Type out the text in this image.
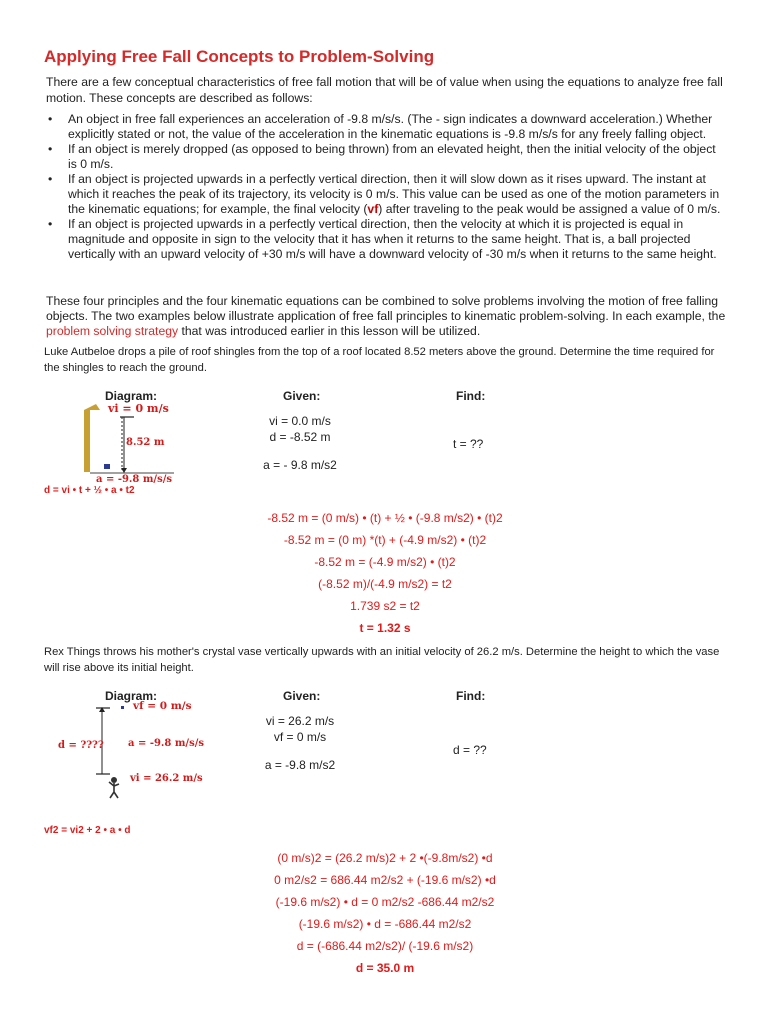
Applying Free Fall Concepts to Problem-Solving
There are a few conceptual characteristics of free fall motion that will be of value when using the equations to analyze free fall motion. These concepts are described as follows:
• An object in free fall experiences an acceleration of -9.8 m/s/s. (The - sign indicates a downward acceleration.) Whether explicitly stated or not, the value of the acceleration in the kinematic equations is -9.8 m/s/s for any freely falling object.
• If an object is merely dropped (as opposed to being thrown) from an elevated height, then the initial velocity of the object is 0 m/s.
• If an object is projected upwards in a perfectly vertical direction, then it will slow down as it rises upward. The instant at which it reaches the peak of its trajectory, its velocity is 0 m/s. This value can be used as one of the motion parameters in the kinematic equations; for example, the final velocity (vf) after traveling to the peak would be assigned a value of 0 m/s.
• If an object is projected upwards in a perfectly vertical direction, then the velocity at which it is projected is equal in magnitude and opposite in sign to the velocity that it has when it returns to the same height. That is, a ball projected vertically with an upward velocity of +30 m/s will have a downward velocity of -30 m/s when it returns to the same height.
These four principles and the four kinematic equations can be combined to solve problems involving the motion of free falling objects. The two examples below illustrate application of free fall principles to kinematic problem-solving. In each example, the problem solving strategy that was introduced earlier in this lesson will be utilized.
Luke Autbeloe drops a pile of roof shingles from the top of a roof located 8.52 meters above the ground. Determine the time required for the shingles to reach the ground.
Diagram:	Given:	Find:
vi = 0 m/s
8.52 m
a = -9.8 m/s/s
d = vi • t + ½ • a • t2
vi = 0.0 m/s
d = -8.52 m
a = - 9.8 m/s2
t = ??
-8.52 m = (0 m/s) • (t) + ½ • (-9.8 m/s2) • (t)2
-8.52 m = (0 m) *(t) + (-4.9 m/s2) • (t)2
-8.52 m = (-4.9 m/s2) • (t)2
(-8.52 m)/(-4.9 m/s2) = t2
1.739 s2 = t2
t = 1.32 s
Rex Things throws his mother's crystal vase vertically upwards with an initial velocity of 26.2 m/s. Determine the height to which the vase will rise above its initial height.
Diagram:	Given:	Find:
vf = 0 m/s
d = ???? a = -9.8 m/s/s
vi = 26.2 m/s
vf2 = vi2 + 2 • a • d
vi = 26.2 m/s
vf = 0 m/s
a = -9.8 m/s2
d = ??
(0 m/s)2 = (26.2 m/s)2 + 2 •(-9.8m/s2) •d
0 m2/s2 = 686.44 m2/s2 + (-19.6 m/s2) •d
(-19.6 m/s2) • d = 0 m2/s2 -686.44 m2/s2
(-19.6 m/s2) • d = -686.44 m2/s2
d = (-686.44 m2/s2)/ (-19.6 m/s2)
d = 35.0 m
